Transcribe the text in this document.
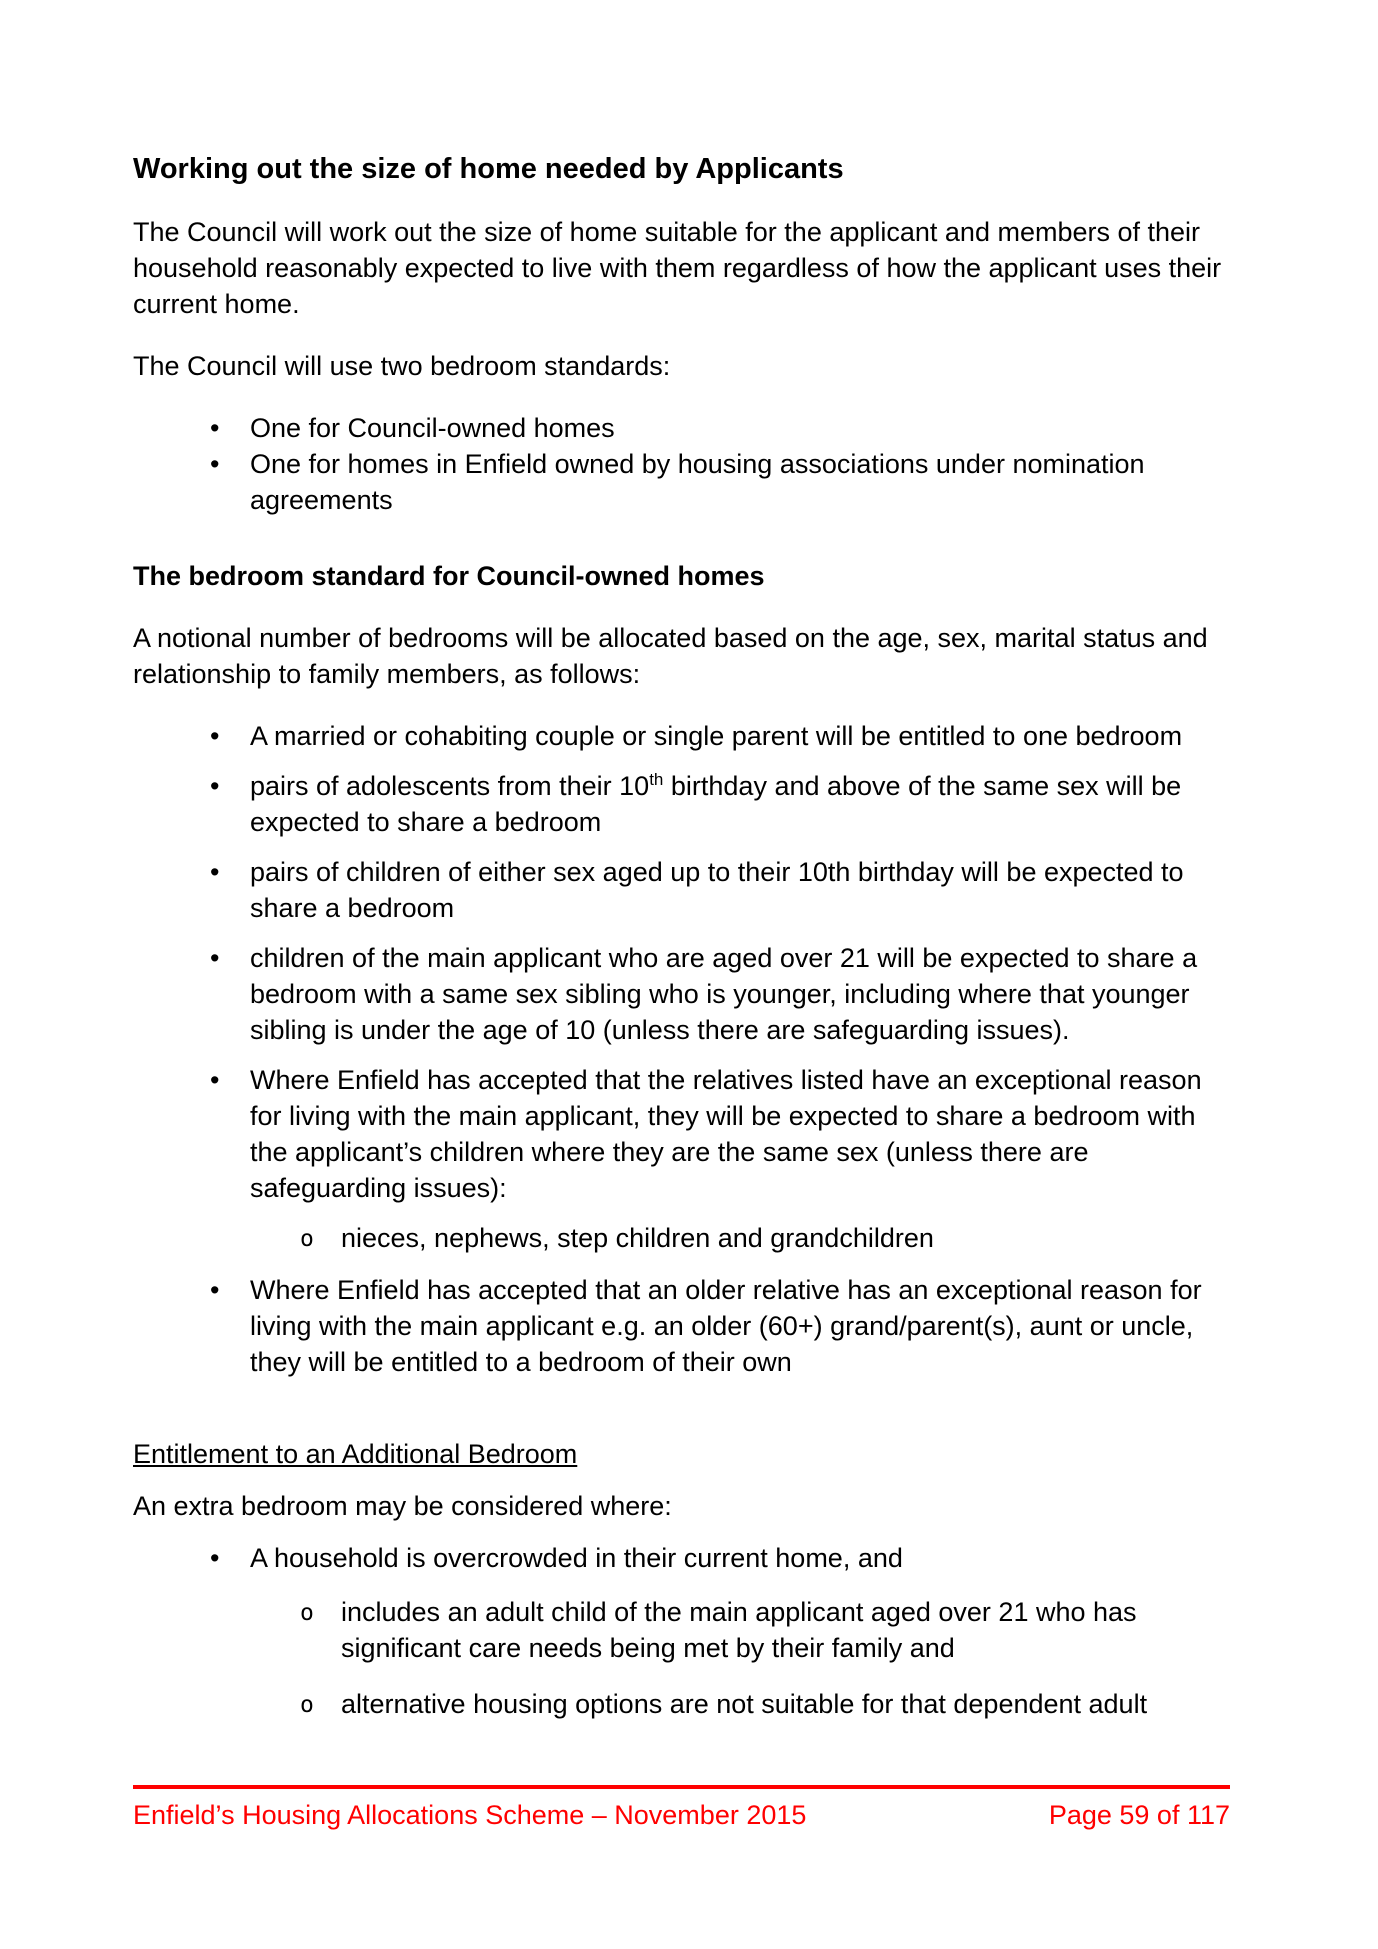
Working out the size of home needed by Applicants

The Council will work out the size of home suitable for the applicant and members of their household reasonably expected to live with them regardless of how the applicant uses their current home.

The Council will use two bedroom standards:

• One for Council-owned homes
• One for homes in Enfield owned by housing associations under nomination agreements
The bedroom standard for Council-owned homes

A notional number of bedrooms will be allocated based on the age, sex, marital status and relationship to family members, as follows:

• A married or cohabiting couple or single parent will be entitled to one bedroom
• pairs of adolescents from their 10th birthday and above of the same sex will be expected to share a bedroom
• pairs of children of either sex aged up to their 10th birthday will be expected to share a bedroom
• children of the main applicant who are aged over 21 will be expected to share a bedroom with a same sex sibling who is younger, including where that younger sibling is under the age of 10 (unless there are safeguarding issues).
• Where Enfield has accepted that the relatives listed have an exceptional reason for living with the main applicant, they will be expected to share a bedroom with the applicant’s children where they are the same sex (unless there are safeguarding issues):
o nieces, nephews, step children and grandchildren
• Where Enfield has accepted that an older relative has an exceptional reason for  living with the main applicant e.g. an older (60+) grand/parent(s), aunt or uncle, they will be entitled to a bedroom of their own
Entitlement to an Additional Bedroom

An extra bedroom may be considered where:

• A household is overcrowded in their current home, and
o includes an adult child of the main applicant aged over 21 who has significant care needs being met by their family and
o alternative housing options are not suitable for that dependent adult
Enfield’s Housing Allocations Scheme – November 2015	Page 59 of 117
